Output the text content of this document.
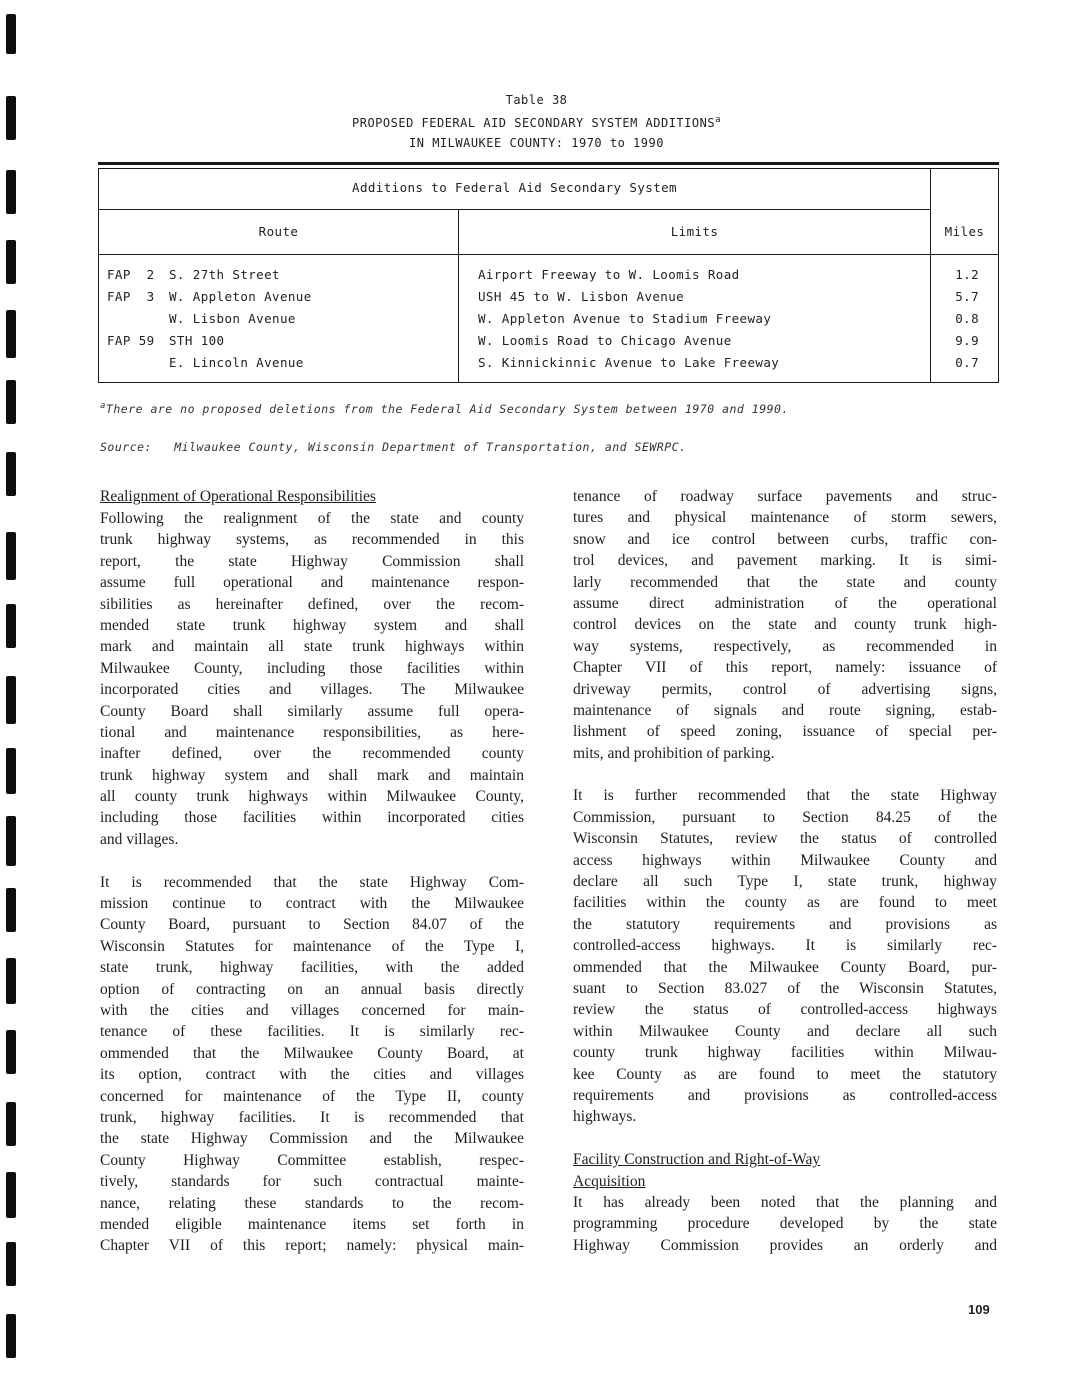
Table 38
PROPOSED FEDERAL AID SECONDARY SYSTEM ADDITIONS$^a$
IN MILWAUKEE COUNTY: 1970 to 1990
Additions to Federal Aid Secondary System
Route	Limits	Miles
FAP  2 S. 27th Street	Airport Freeway to W. Loomis Road	1.2
FAP  3 W. Appleton Avenue	USH 45 to W. Lisbon Avenue	5.7
W. Lisbon Avenue	W. Appleton Avenue to Stadium Freeway	0.8
FAP 59 STH 100	W. Loomis Road to Chicago Avenue	9.9
E. Lincoln Avenue	S. Kinnickinnic Avenue to Lake Freeway	0.7
$^a$There are no proposed deletions from the Federal Aid Secondary System between 1970 and 1990.
Source: Milwaukee County, Wisconsin Department of Transportation, and SEWRPC.
Realignment of Operational Responsibilities

Following the realignment of the state and county
trunk highway systems, as recommended in this
report, the state Highway Commission shall
assume full operational and maintenance respon-
sibilities as hereinafter defined, over the recom-
mended state trunk highway system and shall
mark and maintain all state trunk highways within
Milwaukee County, including those facilities within
incorporated cities and villages. The Milwaukee
County Board shall similarly assume full opera-
tional and maintenance responsibilities, as here-
inafter defined, over the recommended county
trunk highway system and shall mark and maintain
all county trunk highways within Milwaukee County,
including those facilities within incorporated cities
and villages.

It is recommended that the state Highway Com-
mission continue to contract with the Milwaukee
County Board, pursuant to Section 84.07 of the
Wisconsin Statutes for maintenance of the Type I,
state trunk, highway facilities, with the added
option of contracting on an annual basis directly
with the cities and villages concerned for main-
tenance of these facilities. It is similarly rec-
ommended that the Milwaukee County Board, at
its option, contract with the cities and villages
concerned for maintenance of the Type II, county
trunk, highway facilities. It is recommended that
the state Highway Commission and the Milwaukee
County Highway Committee establish, respec-
tively, standards for such contractual mainte-
nance, relating these standards to the recom-
mended eligible maintenance items set forth in
Chapter VII of this report; namely: physical main-

tenance of roadway surface pavements and struc-
tures and physical maintenance of storm sewers,
snow and ice control between curbs, traffic con-
trol devices, and pavement marking. It is simi-
larly recommended that the state and county
assume direct administration of the operational
control devices on the state and county trunk high-
way systems, respectively, as recommended in
Chapter VII of this report, namely: issuance of
driveway permits, control of advertising signs,
maintenance of signals and route signing, estab-
lishment of speed zoning, issuance of special per-
mits, and prohibition of parking.

It is further recommended that the state Highway
Commission, pursuant to Section 84.25 of the
Wisconsin Statutes, review the status of controlled
access highways within Milwaukee County and
declare all such Type I, state trunk, highway
facilities within the county as are found to meet
the statutory requirements and provisions as
controlled-access highways. It is similarly rec-
ommended that the Milwaukee County Board, pur-
suant to Section 83.027 of the Wisconsin Statutes,
review the status of controlled-access highways
within Milwaukee County and declare all such
county trunk highway facilities within Milwau-
kee County as are found to meet the statutory
requirements and provisions as controlled-access
highways.

Facility Construction and Right-of-Way
Acquisition

It has already been noted that the planning and
programming procedure developed by the state
Highway Commission provides an orderly and

109
